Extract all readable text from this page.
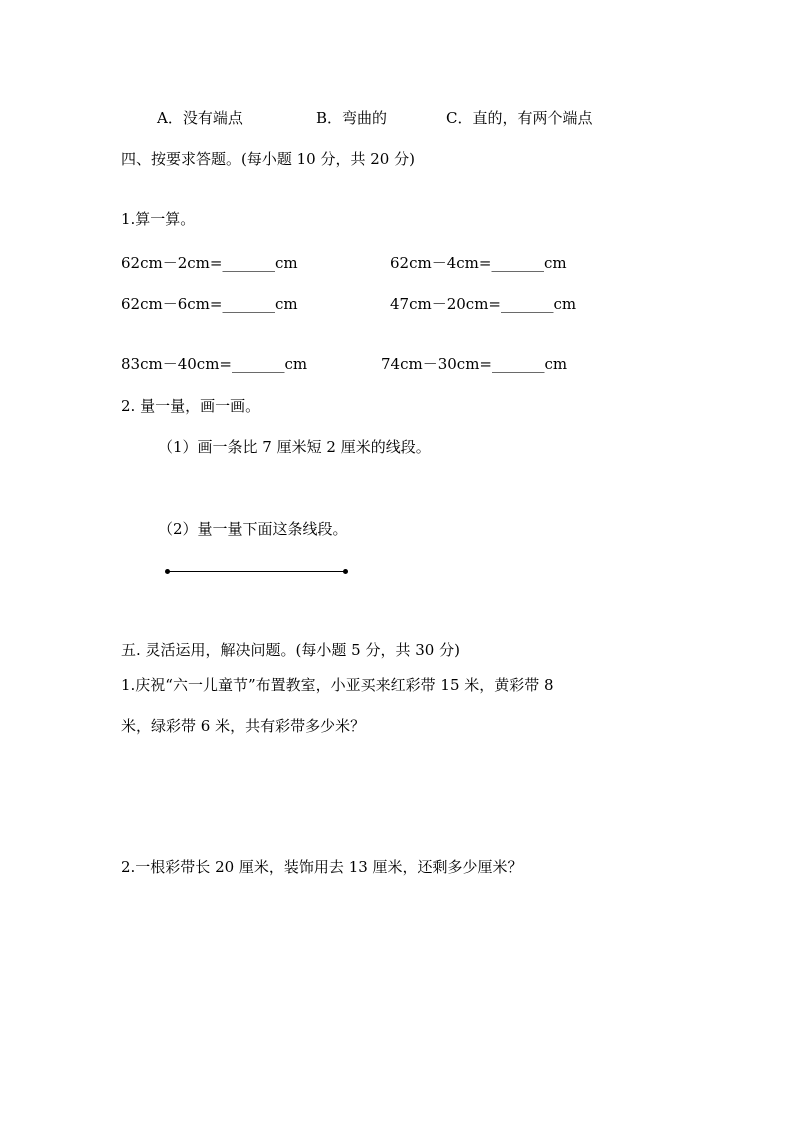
A．没有端点	B．弯曲的	C．直的，有两个端点
四、按要求答题。(每小题 10 分，共 20 分)
1.算一算。
62cm－2cm=_______cm	62cm－4cm=_______cm
62cm－6cm=_______cm	47cm－20cm=_______cm
83cm－40cm=_______cm	74cm－30cm=_______cm
2. 量一量，画一画。
（1）画一条比 7 厘米短 2 厘米的线段。
（2）量一量下面这条线段。
五. 灵活运用，解决问题。(每小题 5 分，共 30 分)
1.庆祝“六一儿童节”布置教室，小亚买来红彩带 15 米，黄彩带 8
米，绿彩带 6 米，共有彩带多少米？
2.一根彩带长 20 厘米，装饰用去 13 厘米，还剩多少厘米？
